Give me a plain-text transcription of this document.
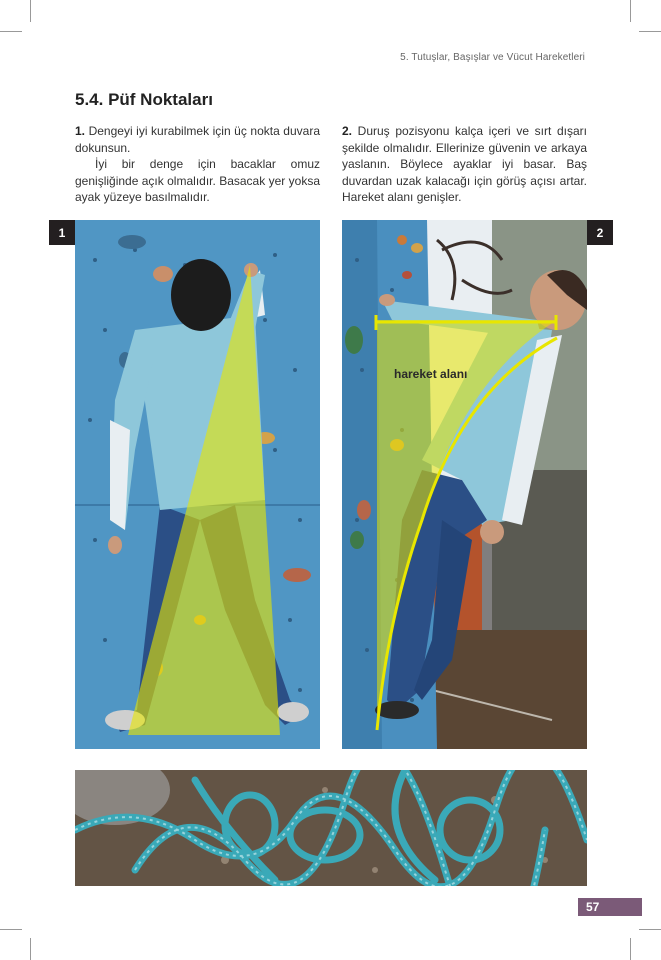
5. Tutuşlar, Başışlar ve Vücut Hareketleri
5.4. Püf Noktaları

1. Dengeyi iyi kurabilmek için üç nokta duvara dokunsun.

İyi bir denge için bacaklar omuz genişliğinde açık olmalıdır. Basacak yer yoksa ayak yüzeye basılmalıdır.

2. Duruş pozisyonu kalça içeri ve sırt dışarı şekilde olmalıdır. Ellerinize güvenin ve arkaya yaslanın. Böylece ayaklar iyi basar. Baş duvardan uzak kalacağı için görüş açısı artar. Hareket alanı genişler.

1	2
hareket alanı
57
